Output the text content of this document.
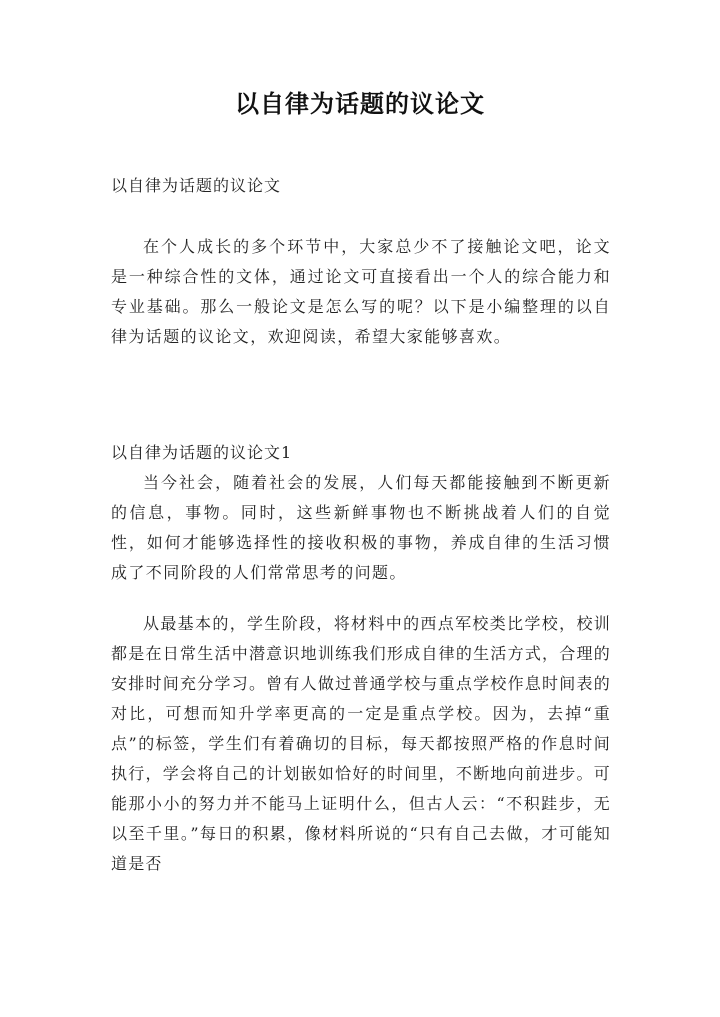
以自律为话题的议论文
以自律为话题的议论文

在个人成长的多个环节中，大家总少不了接触论文吧，论文是一种综合性的文体，通过论文可直接看出一个人的综合能力和专业基础。那么一般论文是怎么写的呢？以下是小编整理的以自律为话题的议论文，欢迎阅读，希望大家能够喜欢。

以自律为话题的议论文1

当今社会，随着社会的发展，人们每天都能接触到不断更新的信息，事物。同时，这些新鲜事物也不断挑战着人们的自觉性，如何才能够选择性的接收积极的事物，养成自律的生活习惯成了不同阶段的人们常常思考的问题。

从最基本的，学生阶段，将材料中的西点军校类比学校，校训都是在日常生活中潜意识地训练我们形成自律的生活方式，合理的安排时间充分学习。曾有人做过普通学校与重点学校作息时间表的对比，可想而知升学率更高的一定是重点学校。因为，去掉“重点”的标签，学生们有着确切的目标，每天都按照严格的作息时间执行，学会将自己的计划嵌如恰好的时间里，不断地向前进步。可能那小小的努力并不能马上证明什么，但古人云：“不积跬步，无以至千里。”每日的积累，像材料所说的“只有自己去做，才可能知道是否
